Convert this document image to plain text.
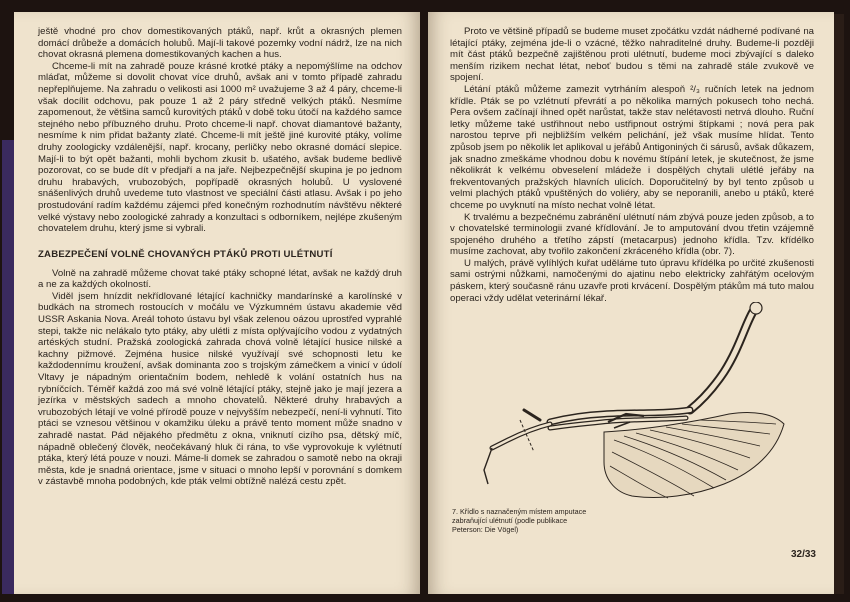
ještě vhodné pro chov domestikovaných ptáků, např. krůt a okrasných plemen domácí drůbeže a domácích holubů. Mají-li takové pozemky vodní nádrž, lze na nich chovat okrasná plemena domestikovaných kachen a hus.

Chceme-li mít na zahradě pouze krásné krotké ptáky a nepomýšlíme na odchov mláďat, můžeme si dovolit chovat více druhů, avšak ani v tomto případě zahradu nepřeplňujeme. Na zahradu o velikosti asi 1000 m² uvažujeme 3 až 4 páry, chceme-li však docílit odchovu, pak pouze 1 až 2 páry středně velkých ptáků. Nesmíme zapomenout, že většina samců kurovitých ptáků v době toku útočí na každého samce stejného nebo příbuzného druhu. Proto chceme-li např. chovat diamantové bažanty, nesmíme k nim přidat bažanty zlaté. Chceme-li mít ještě jiné kurovité ptáky, volíme druhy zoologicky vzdálenější, např. krocany, perličky nebo okrasné domácí slepice. Mají-li to být opět bažanti, mohli bychom zkusit b. ušatého, avšak budeme bedlivě pozorovat, co se bude dít v předjaří a na jaře. Nejbezpečnější skupina je po jednom druhu hrabavých, vrubozobých, popřípadě okrasných holubů. U vyslovené snášenlivých druhů uvedeme tuto vlastnost ve speciální části atlasu. Avšak i po jeho prostudování radím každému zájemci před konečným rozhodnutím návštěvu některé velké výstavy nebo zoologické zahrady a konzultaci s odborníkem, nejlépe zkušeným chovatelem druhu, který jsme si vybrali.

ZABEZPEČENÍ VOLNĚ CHOVANÝCH PTÁKŮ PROTI ULÉTNUTÍ

Volně na zahradě můžeme chovat také ptáky schopné létat, avšak ne každý druh a ne za každých okolností.

Viděl jsem hnízdit nekřídlované létající kachničky mandarínské a karolínské v budkách na stromech rostoucích v močálu ve Výzkumném ústavu akademie věd USSR Askania Nova. Areál tohoto ústavu byl však zelenou oázou uprostřed vyprahlé stepi, takže nic nelákalo tyto ptáky, aby ulétli z místa oplývajícího vodou z vydatných artéských studní. Pražská zoologická zahrada chová volně létající husice nilské a kachny pižmové. Zejména husice nilské využívají své schopnosti letu ke každodennímu kroužení, avšak dominanta zoo s trojským zámečkem a vinicí v údolí Vltavy je nápadným orientačním bodem, nehledě k volání ostatních hus na rybníčcích. Téměř každá zoo má své volně létající ptáky, stejně jako je mají jezera a jezírka v městských sadech a mnoho chovatelů. Některé druhy hrabavých a vrubozobých létají ve volné přírodě pouze v nejvyšším nebezpečí, není-li vyhnutí. Tito ptáci se vznesou většinou v okamžiku úleku a právě tento moment může snadno v zahradě nastat. Pád nějakého předmětu z okna, vniknutí cizího psa, dětský míč, nápadně oblečený člověk, neočekávaný hluk či rána, to vše vyprovokuje k vylétnutí ptáka, který létá pouze v nouzi. Máme-li domek se zahradou o samotě nebo na okraji města, kde je snadná orientace, jsme v situaci o mnoho lepší v porovnání s domkem v zástavbě mnoha podobných, kde pták velmi obtížně nalézá cestu zpět.

Proto ve většině případů se budeme muset zpočátku vzdát nádherné podívané na létající ptáky, zejména jde-li o vzácné, těžko nahraditelné druhy. Budeme-li později mít část ptáků bezpečně zajištěnou proti ulétnutí, budeme moci zbývající s daleko menším rizikem nechat létat, neboť budou s těmi na zahradě stále zvukově ve spojení.

Létání ptáků můžeme zamezit vytrháním alespoň ²/₃ ručních letek na jednom křídle. Pták se po vzlétnutí převrátí a po několika marných pokusech toho nechá. Pera ovšem začínají ihned opět narůstat, takže stav nelétavosti netrvá dlouho. Ruční letky můžeme také ustřihnout nebo ustřipnout ostrými štípkami ; nová pera pak narostou teprve při nejbližším velkém pelichání, jež však musíme hlídat. Tento způsob jsem po několik let aplikoval u jeřábů Antigoniných či sárusů, avšak důkazem, jak snadno zmeškáme vhodnou dobu k novému štípání letek, je skutečnost, že jsme několikrát k velkému obveselení mládeže i dospělých chytali ulétlé jeřáby na frekventovaných pražských hlavních ulicích. Doporučitelný by byl tento způsob u velmi plachých ptáků vpuštěných do voliéry, aby se neporanili, anebo u ptáků, které chceme po uvyknutí na místo nechat volně létat.

K trvalému a bezpečnému zabránění ulétnutí nám zbývá pouze jeden způsob, a to v chovatelské terminologii zvané křídlování. Je to amputování dvou třetin vzájemně spojeného druhého a třetího zápstí (metacarpus) jednoho křídla. Tzv. křídélko musíme zachovat, aby tvořilo zakončení zkráceného křídla (obr. 7).

U malých, právě vylíhlých kuřat uděláme tuto úpravu křídélka po určité zkušenosti sami ostrými nůžkami, namočenými do ajatinu nebo elektricky zahřátým ocelovým páskem, který současně ránu uzavře proti krvácení. Dospělým ptákům má tuto malou operaci vždy udělat veterinární lékař.

7. Křídlo s naznačeným místem amputace zabraňující ulétnutí (podle publikace Peterson: Die Vögel)
32/33
